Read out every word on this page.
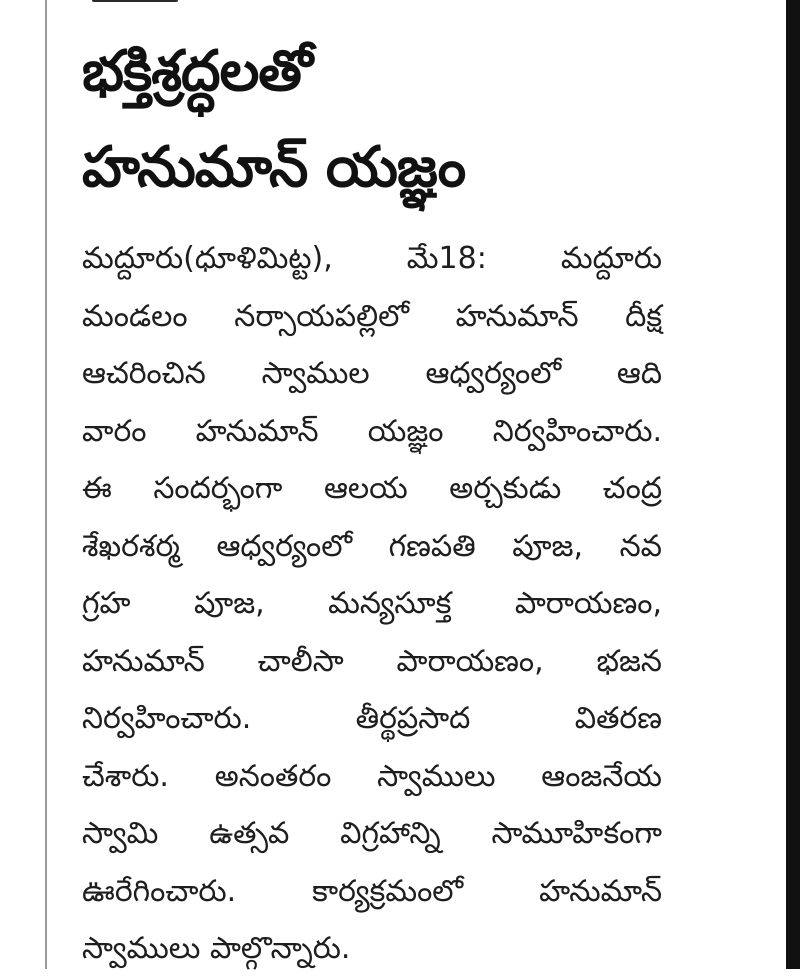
భక్తిశ్రద్ధలతో
హనుమాన్ యజ్ఞం
మద్దూరు(ధూళిమిట్ట), మే18: మద్దూరు
మండలం నర్సాయపల్లిలో హనుమాన్ దీక్ష
ఆచరించిన స్వాముల ఆధ్వర్యంలో ఆది
వారం హనుమాన్ యజ్ఞం నిర్వహించారు.
ఈ సందర్భంగా ఆలయ అర్చకుడు చంద్ర
శేఖరశర్మ ఆధ్వర్యంలో గణపతి పూజ, నవ
గ్రహ పూజ, మన్యసూక్త పారాయణం,
హనుమాన్ చాలీసా పారాయణం, భజన
నిర్వహించారు. తీర్థప్రసాద వితరణ
చేశారు. అనంతరం స్వాములు ఆంజనేయ
స్వామి ఉత్సవ విగ్రహాన్ని సామూహికంగా
ఊరేగించారు. కార్యక్రమంలో హనుమాన్
స్వాములు పాల్గొన్నారు.
